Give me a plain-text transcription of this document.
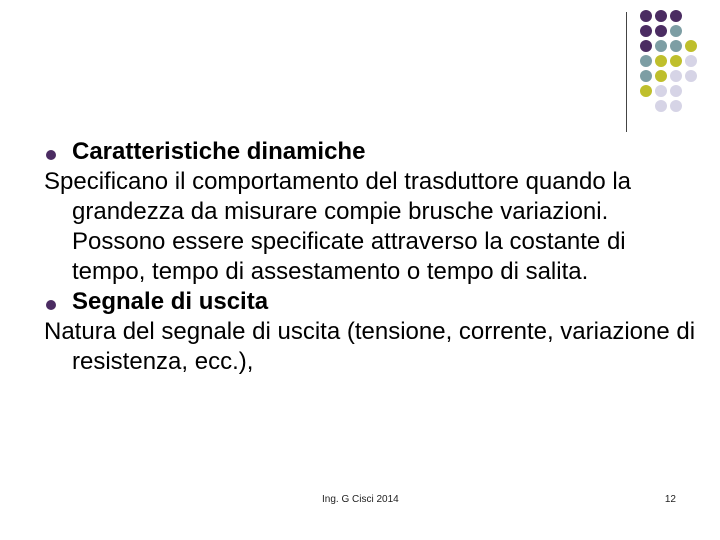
Caratteristiche dinamiche
Specificano il comportamento del trasduttore quando la grandezza da misurare compie brusche variazioni. Possono essere specificate attraverso la costante di tempo, tempo di assestamento o tempo di salita.
Segnale di uscita
Natura del segnale di uscita (tensione, corrente, variazione di resistenza, ecc.),
Ing. G Cisci 2014	12
